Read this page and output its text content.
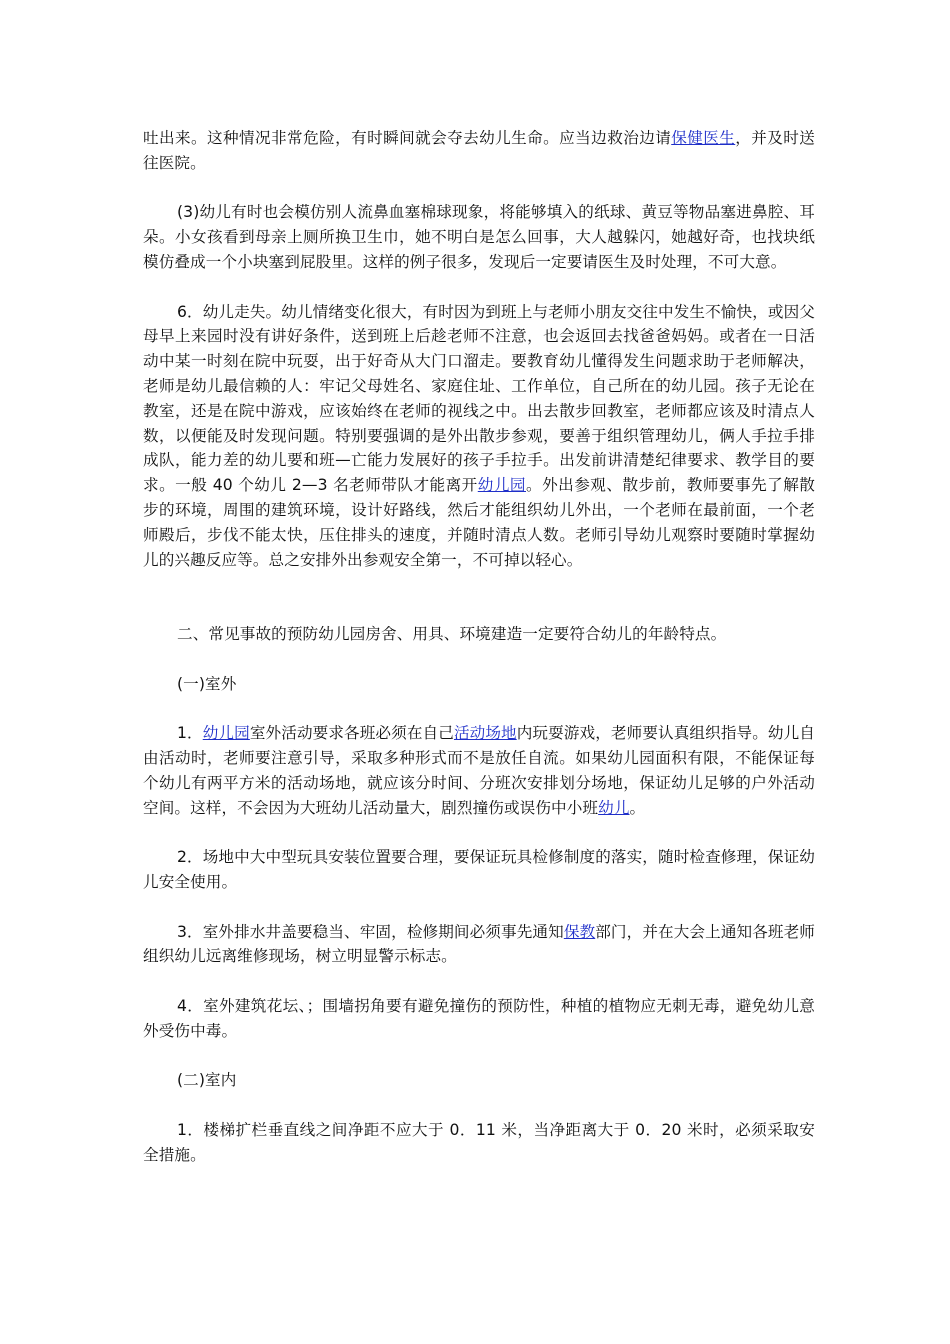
吐出来。这种情况非常危险，有时瞬间就会夺去幼儿生命。应当边救治边请保健医生，并及时送往医院。

(3)幼儿有时也会模仿别人流鼻血塞棉球现象，将能够填入的纸球、黄豆等物品塞进鼻腔、耳朵。小女孩看到母亲上厕所换卫生巾，她不明白是怎么回事，大人越躲闪，她越好奇，也找块纸模仿叠成一个小块塞到屁股里。这样的例子很多，发现后一定要请医生及时处理，不可大意。

6．幼儿走失。幼儿情绪变化很大，有时因为到班上与老师小朋友交往中发生不愉快，或因父母早上来园时没有讲好条件，送到班上后趁老师不注意，也会返回去找爸爸妈妈。或者在一日活动中某一时刻在院中玩耍，出于好奇从大门口溜走。要教育幼儿懂得发生问题求助于老师解决，老师是幼儿最信赖的人：牢记父母姓名、家庭住址、工作单位，自己所在的幼儿园。孩子无论在教室，还是在院中游戏，应该始终在老师的视线之中。出去散步回教室，老师都应该及时清点人数，以便能及时发现问题。特别要强调的是外出散步参观，要善于组织管理幼儿，俩人手拉手排成队，能力差的幼儿要和班—亡能力发展好的孩子手拉手。出发前讲清楚纪律要求、教学目的要求。一般 40 个幼儿 2—3 名老师带队才能离开幼儿园。外出参观、散步前，教师要事先了解散步的环境，周围的建筑环境，设计好路线，然后才能组织幼儿外出，一个老师在最前面，一个老师殿后，步伐不能太快，压住排头的速度，并随时清点人数。老师引导幼儿观察时要随时掌握幼儿的兴趣反应等。总之安排外出参观安全第一，不可掉以轻心。

二、常见事故的预防幼儿园房舍、用具、环境建造一定要符合幼儿的年龄特点。

(一)室外

1．幼儿园室外活动要求各班必须在自己活动场地内玩耍游戏，老师要认真组织指导。幼儿自由活动时，老师要注意引导，采取多种形式而不是放任自流。如果幼儿园面积有限，不能保证每个幼儿有两平方米的活动场地，就应该分时间、分班次安排划分场地，保证幼儿足够的户外活动空间。这样，不会因为大班幼儿活动量大，剧烈撞伤或误伤中小班幼儿。

2．场地中大中型玩具安装位置要合理，要保证玩具检修制度的落实，随时检查修理，保证幼儿安全使用。

3．室外排水井盖要稳当、牢固，检修期间必须事先通知保教部门，并在大会上通知各班老师组织幼儿远离维修现场，树立明显警示标志。

4．室外建筑花坛、；围墙拐角要有避免撞伤的预防性，种植的植物应无刺无毒，避免幼儿意外受伤中毒。

(二)室内

1．楼梯扩栏垂直线之间净距不应大于 0．11 米，当净距离大于 0．20 米时，必须采取安全措施。
